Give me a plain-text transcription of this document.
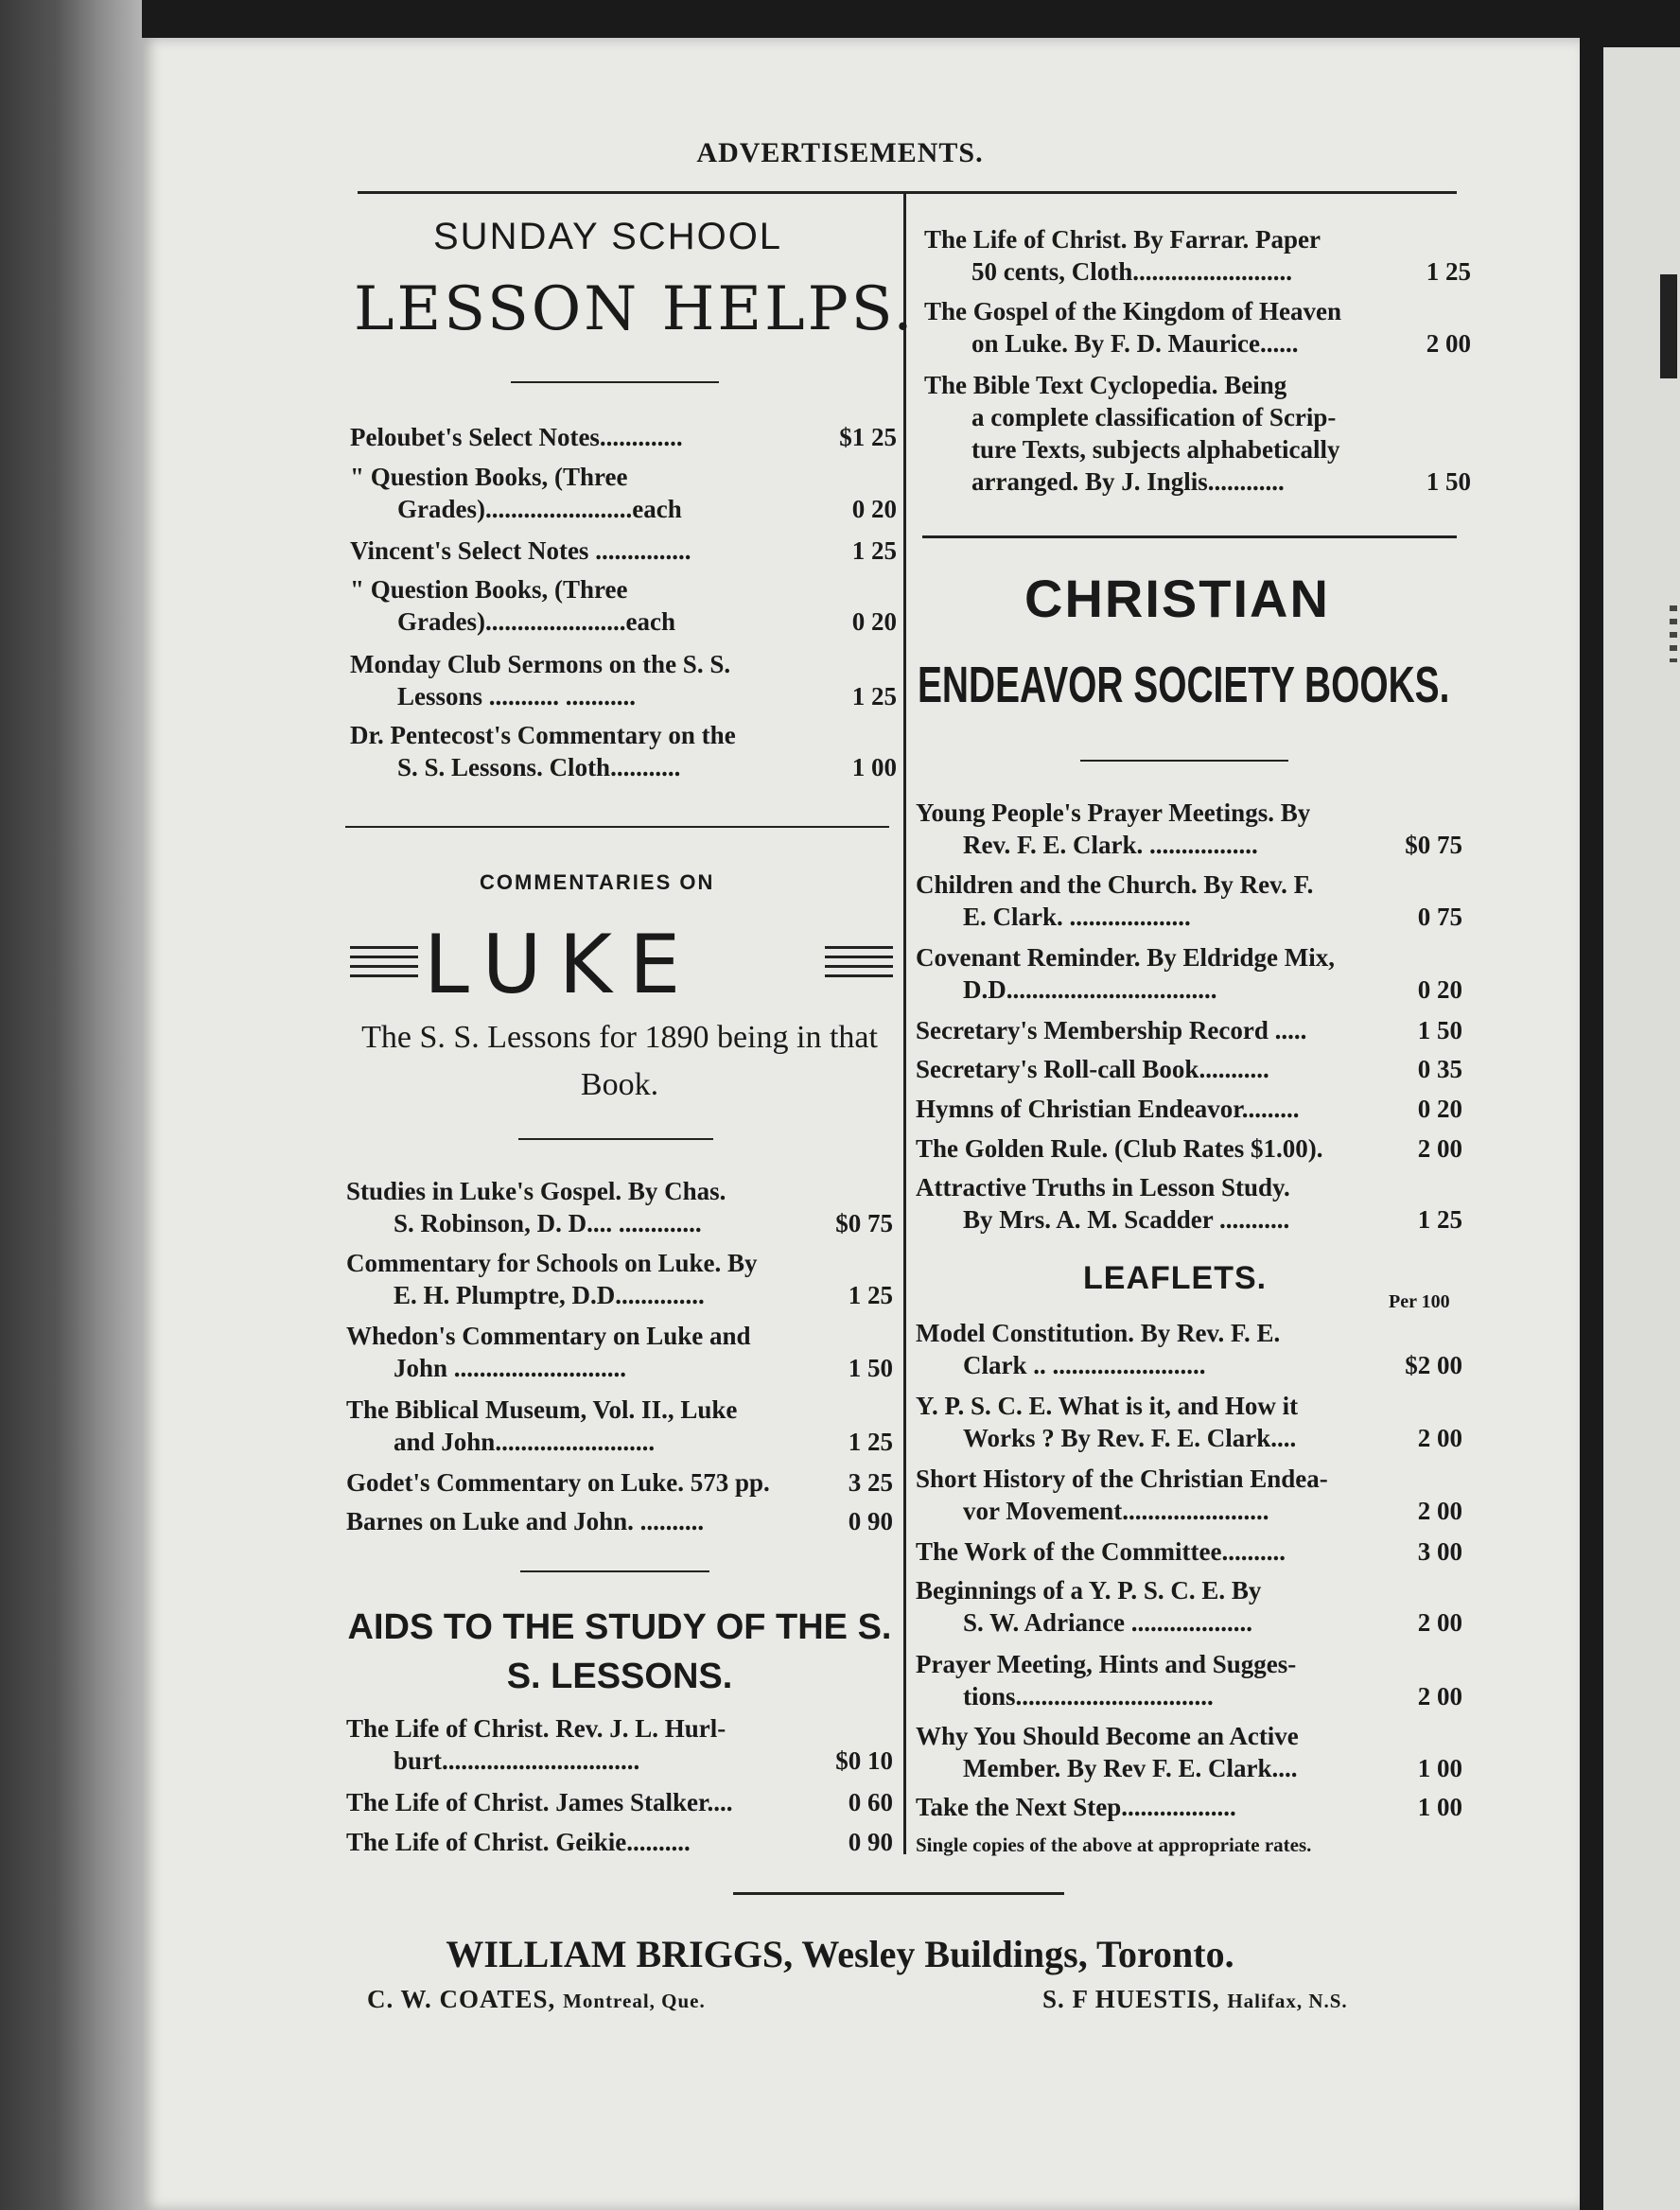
ADVERTISEMENTS.
SUNDAY SCHOOL
LESSON HELPS.
Peloubet's Select Notes.............	$1 25
" Question Books, (Three
Grades).......................each	0 20
Vincent's Select Notes ...............	1 25
" Question Books, (Three
Grades)......................each	0 20
Monday Club Sermons on the S. S.
Lessons ........... ...........	1 25
Dr. Pentecost's Commentary on the
S. S. Lessons. Cloth...........	1 00
COMMENTARIES ON
LUKE
The S. S. Lessons for 1890 being in that Book.
Studies in Luke's Gospel. By Chas.
S. Robinson, D. D.... .............	$0 75
Commentary for Schools on Luke. By
E. H. Plumptre, D.D..............	1 25
Whedon's Commentary on Luke and
John ...........................	1 50
The Biblical Museum, Vol. II., Luke
and John.........................	1 25
Godet's Commentary on Luke. 573 pp.	3 25
Barnes on Luke and John. ..........	0 90
AIDS TO THE STUDY OF THE S. S. LESSONS.
The Life of Christ. Rev. J. L. Hurl-
burt...............................	$0 10
The Life of Christ. James Stalker....	0 60
The Life of Christ. Geikie..........	0 90
The Life of Christ. By Farrar. Paper
50 cents, Cloth.........................	1 25
The Gospel of the Kingdom of Heaven
on Luke. By F. D. Maurice......	2 00
The Bible Text Cyclopedia. Being
a complete classification of Scrip-
ture Texts, subjects alphabetically
arranged. By J. Inglis............	1 50
CHRISTIAN
ENDEAVOR SOCIETY BOOKS.
Young People's Prayer Meetings. By
Rev. F. E. Clark. .................	$0 75
Children and the Church. By Rev. F.
E. Clark. ...................	0 75
Covenant Reminder. By Eldridge Mix,
D.D.................................	0 20
Secretary's Membership Record .....	1 50
Secretary's Roll-call Book...........	0 35
Hymns of Christian Endeavor.........	0 20
The Golden Rule. (Club Rates $1.00).	2 00
Attractive Truths in Lesson Study.
By Mrs. A. M. Scadder ...........	1 25
LEAFLETS.
Per 100
Model Constitution. By Rev. F. E.
Clark .. ........................	$2 00
Y. P. S. C. E. What is it, and How it
Works ? By Rev. F. E. Clark....	2 00
Short History of the Christian Endea-
vor Movement.......................	2 00
The Work of the Committee..........	3 00
Beginnings of a Y. P. S. C. E. By
S. W. Adriance ...................	2 00
Prayer Meeting, Hints and Sugges-
tions...............................	2 00
Why You Should Become an Active
Member. By Rev F. E. Clark....	1 00
Take the Next Step..................	1 00
Single copies of the above at appropriate rates.
WILLIAM BRIGGS, Wesley Buildings, Toronto.
C. W. COATES, Montreal, Que.	S. F HUESTIS, Halifax, N.S.
